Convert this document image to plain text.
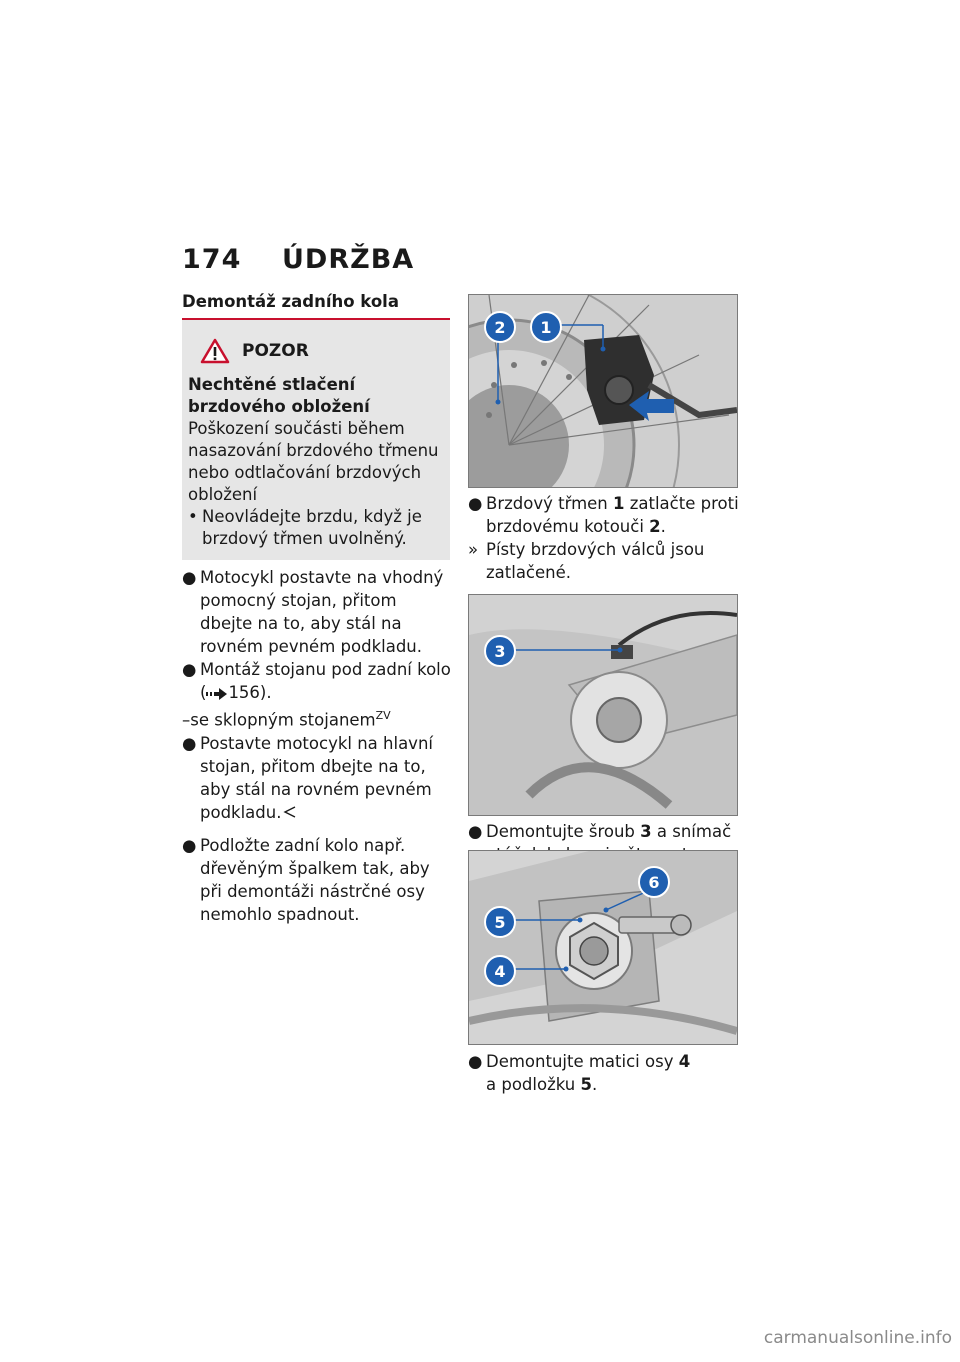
174 ÚDRŽBA
Demontáž zadního kola
POZOR
Nechtěné stlačení brzdového obložení
Poškození součásti během nasazování brzdového třmenu nebo odtlačování brzdových obložení
• Neovládejte brzdu, když je brzdový třmen uvolněný.
● Motocykl postavte na vhodný pomocný stojan, přitom dbejte na to, aby stál na rovném pevném podkladu.
● Montáž stojanu pod zadní kolo ( 156).
–se sklopným stojanem$^{ZV}$
● Postavte motocykl na hlavní stojan, přitom dbejte na to, aby stál na rovném pevném podkladu.
● Podložte zadní kolo např. dřevěným špalkem tak, aby při demontáži nástrčné osy nemohlo spadnout.
1
2
● Brzdový třmen 1 zatlačte proti brzdovému kotouči 2.
» Písty brzdových válců jsou zatlačené.
3
● Demontujte šroub 3 a snímač
6
5
4
● Demontujte matici osy 4
a podložku 5.
carmanualsonline.info
